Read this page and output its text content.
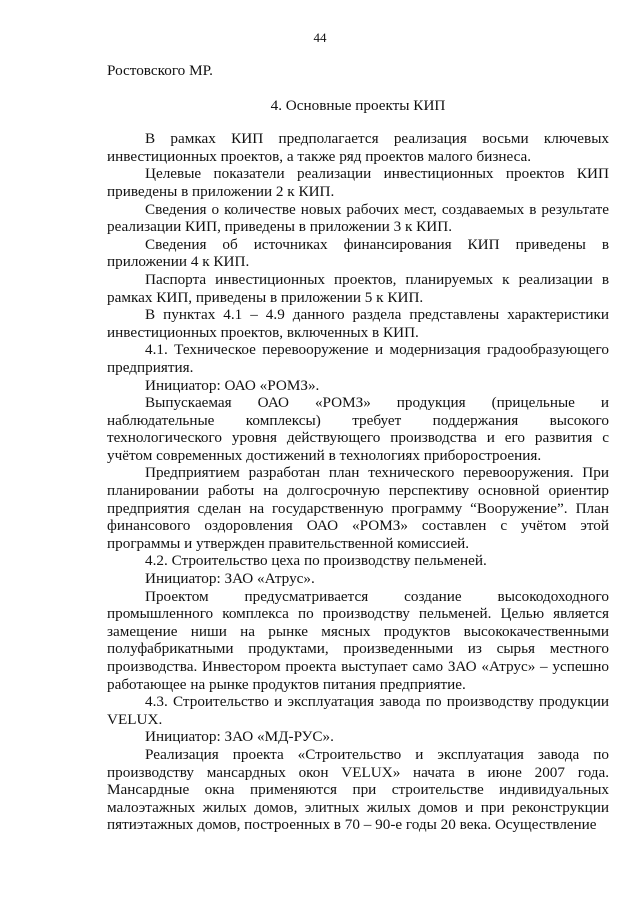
44

Ростовского МР.

4. Основные проекты КИП

В рамках КИП предполагается реализация восьми ключевых инвестиционных проектов, а также ряд проектов малого бизнеса.

Целевые показатели реализации инвестиционных проектов КИП приведены в приложении 2 к КИП.

Сведения о количестве новых рабочих мест, создаваемых в результате реализации КИП, приведены в приложении 3 к КИП.

Сведения об источниках финансирования КИП приведены в приложении 4 к КИП.

Паспорта инвестиционных проектов, планируемых к реализации в рамках КИП, приведены в приложении 5 к КИП.

В пунктах 4.1 – 4.9 данного раздела представлены характеристики инвестиционных проектов, включенных в КИП.

4.1. Техническое перевооружение и модернизация градообразующего предприятия.

Инициатор: ОАО «РОМЗ».

Выпускаемая ОАО «РОМЗ» продукция (прицельные и наблюдательные комплексы) требует поддержания высокого технологического уровня действующего производства и его развития с учётом современных достижений в технологиях приборостроения.

Предприятием разработан план технического перевооружения. При планировании работы на долгосрочную перспективу основной ориентир предприятия сделан на государственную программу “Вооружение”. План финансового оздоровления ОАО «РОМЗ» составлен с учётом этой программы и утвержден правительственной комиссией.

4.2. Строительство цеха по производству пельменей.

Инициатор: ЗАО «Атрус».

Проектом предусматривается создание высокодоходного промышленного комплекса по производству пельменей. Целью является замещение ниши на рынке мясных продуктов высококачественными полуфабрикатными продуктами, произведенными из сырья местного производства. Инвестором проекта выступает само ЗАО «Атрус» – успешно работающее на рынке продуктов питания предприятие.

4.3. Строительство и эксплуатация завода по производству продукции VELUX.

Инициатор: ЗАО «МД-РУС».

Реализация проекта «Строительство и эксплуатация завода по производству мансардных окон VELUX» начата в июне 2007 года. Мансардные окна применяются при строительстве индивидуальных малоэтажных жилых домов, элитных жилых домов и при реконструкции пятиэтажных домов, построенных в 70 – 90-е годы 20 века. Осуществление
